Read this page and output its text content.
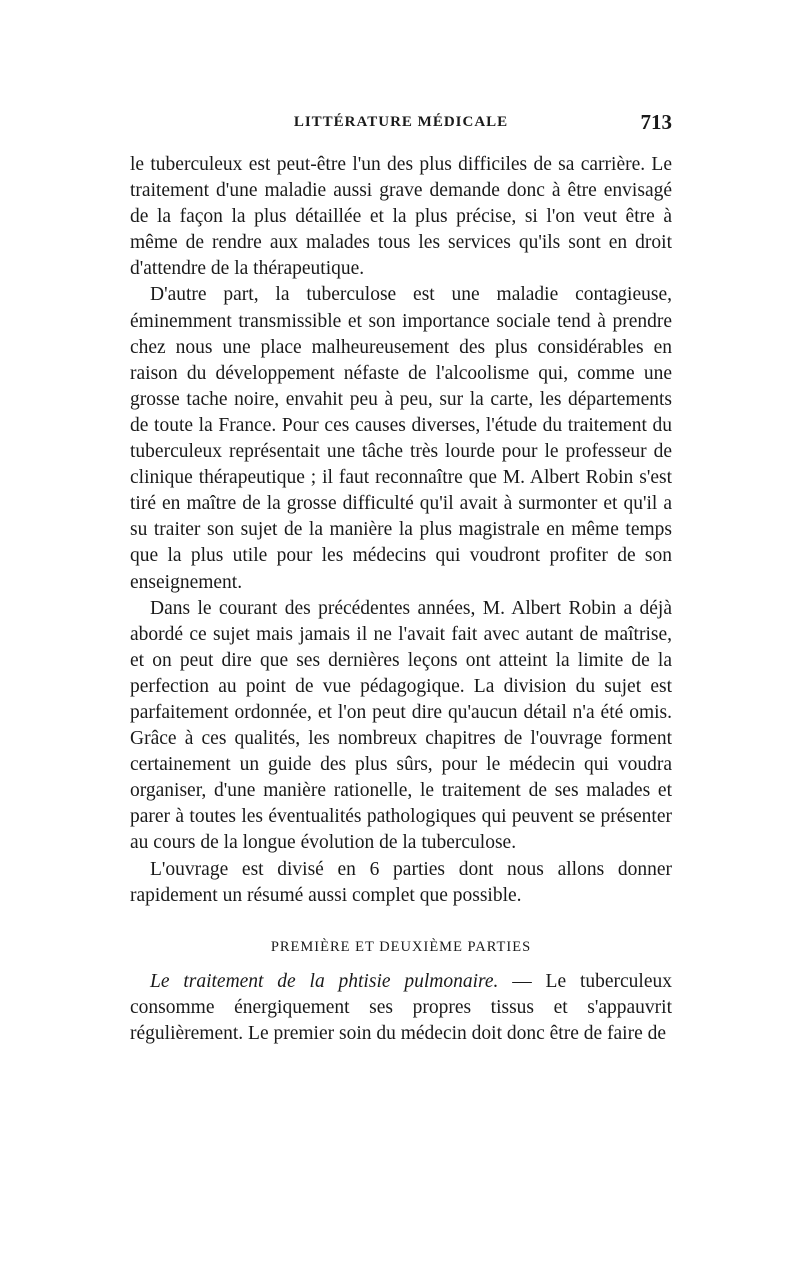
LITTÉRATURE MÉDICALE	713

le tuberculeux est peut-être l'un des plus difficiles de sa carrière. Le traitement d'une maladie aussi grave demande donc à être envisagé de la façon la plus détaillée et la plus précise, si l'on veut être à même de rendre aux malades tous les services qu'ils sont en droit d'attendre de la thérapeutique.

D'autre part, la tuberculose est une maladie contagieuse, éminemment transmissible et son importance sociale tend à prendre chez nous une place malheureusement des plus considérables en raison du développement néfaste de l'alcoolisme qui, comme une grosse tache noire, envahit peu à peu, sur la carte, les départements de toute la France. Pour ces causes diverses, l'étude du traitement du tuberculeux représentait une tâche très lourde pour le professeur de clinique thérapeutique ; il faut reconnaître que M. Albert Robin s'est tiré en maître de la grosse difficulté qu'il avait à surmonter et qu'il a su traiter son sujet de la manière la plus magistrale en même temps que la plus utile pour les médecins qui voudront profiter de son enseignement.

Dans le courant des précédentes années, M. Albert Robin a déjà abordé ce sujet mais jamais il ne l'avait fait avec autant de maîtrise, et on peut dire que ses dernières leçons ont atteint la limite de la perfection au point de vue pédagogique. La division du sujet est parfaitement ordonnée, et l'on peut dire qu'aucun détail n'a été omis. Grâce à ces qualités, les nombreux chapitres de l'ouvrage forment certainement un guide des plus sûrs, pour le médecin qui voudra organiser, d'une manière rationelle, le traitement de ses malades et parer à toutes les éventualités pathologiques qui peuvent se présenter au cours de la longue évolution de la tuberculose.

L'ouvrage est divisé en 6 parties dont nous allons donner rapidement un résumé aussi complet que possible.

PREMIÈRE ET DEUXIÈME PARTIES

Le traitement de la phtisie pulmonaire. — Le tuberculeux consomme énergiquement ses propres tissus et s'appauvrit régulièrement. Le premier soin du médecin doit donc être de faire de
